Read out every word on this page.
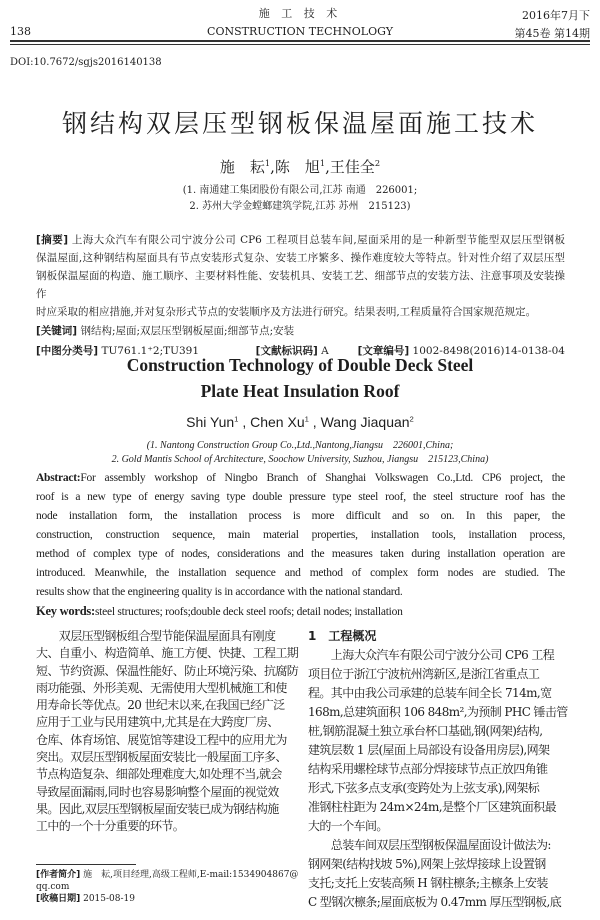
施 工 技 术
CONSTRUCTION TECHNOLOGY
138
2016年7月下
第45卷 第14期
DOI:10.7672/sgjs2016140138
钢结构双层压型钢板保温屋面施工技术
施　耘$^1$,陈　旭$^1$,王佳全$^2$
(1. 南通建工集团股份有限公司,江苏 南通　226001;
2. 苏州大学金螳螂建筑学院,江苏 苏州　215123)
[摘要] 上海大众汽车有限公司宁波分公司 CP6 工程项目总装车间,屋面采用的是一种新型节能型双层压型钢板
保温屋面,这种钢结构屋面具有节点安装形式复杂、安装工序繁多、操作难度较大等特点。针对性介绍了双层压型
钢板保温屋面的构造、施工顺序、主要材料性能、安装机具、安装工艺、细部节点的安装方法、注意事项及安装操作
时应采取的相应措施,并对复杂形式节点的安装顺序及方法进行研究。结果表明,工程质量符合国家规范规定。
[关键词] 钢结构;屋面;双层压型钢板屋面;细部节点;安装
[中图分类号] TU761.1⁺2;TU391	[文献标识码] A	[文章编号] 1002-8498(2016)14-0138-04
Construction Technology of Double Deck Steel
Plate Heat Insulation Roof
Shi Yun$^1$ , Chen Xu$^1$ , Wang Jiaquan$^2$
(1. Nantong Construction Group Co.,Ltd.,Nantong,Jiangsu　226001,China;
2. Gold Mantis School of Architecture, Soochow University, Suzhou, Jiangsu　215123,China)
Abstract:For assembly workshop of Ningbo Branch of Shanghai Volkswagen Co.,Ltd. CP6 project, the
roof is a new type of energy saving type double pressure type steel roof, the steel structure roof has the
node installation form, the installation process is more difficult and so on. In this paper, the
construction, construction sequence, main material properties, installation tools, installation process,
method of complex type of nodes, considerations and the measures taken during installation operation are
introduced. Meanwhile, the installation sequence and method of complex form nodes are studied. The
results show that the engineering quality is in accordance with the national standard.
Key words:steel structures; roofs;double deck steel roofs; detail nodes; installation
　　双层压型钢板组合型节能保温屋面具有刚度
大、自重小、构造简单、施工方便、快捷、工程工期
短、节约资源、保温性能好、防止环境污染、抗腐防
雨功能强、外形美观、无需使用大型机械施工和使
用寿命长等优点。20 世纪末以来,在我国已经广泛
应用于工业与民用建筑中,尤其是在大跨度厂房、
仓库、体育场馆、展览馆等建设工程中的应用尤为
突出。双层压型钢板屋面安装比一般屋面工序多、
节点构造复杂、细部处理难度大,如处理不当,就会
导致屋面漏雨,同时也容易影响整个屋面的视觉效
果。因此,双层压型钢板屋面安装已成为钢结构施
工中的一个十分重要的环节。
[作者简介] 施　耘,项目经理,高级工程师,E-mail:1534904867@
qq.com
[收稿日期] 2015-08-19
1　工程概况
　　上海大众汽车有限公司宁波分公司 CP6 工程
项目位于浙江宁波杭州湾新区,是浙江省重点工
程。其中由我公司承建的总装车间全长 714m,宽
168m,总建筑面积 106 848m²,为预制 PHC 锤击管
桩,钢筋混凝土独立承台杯口基础,钢(网架)结构,
建筑层数 1 层(屋面上局部设有设备用房层),网架
结构采用螺栓球节点部分焊接球节点正放四角锥
形式,下弦多点支承(变跨处为上弦支承),网架标
准钢柱柱距为 24m×24m,是整个厂区建筑面积最
大的一个车间。
　　总装车间双层压型钢板保温屋面设计做法为:
钢网架(结构找坡 5%),网架上弦焊接球上设置钢
支托;支托上安装高频 H 钢柱檩条;主檩条上安装
C 型钢次檩条;屋面底板为 0.47mm 厚压型钢板,底
